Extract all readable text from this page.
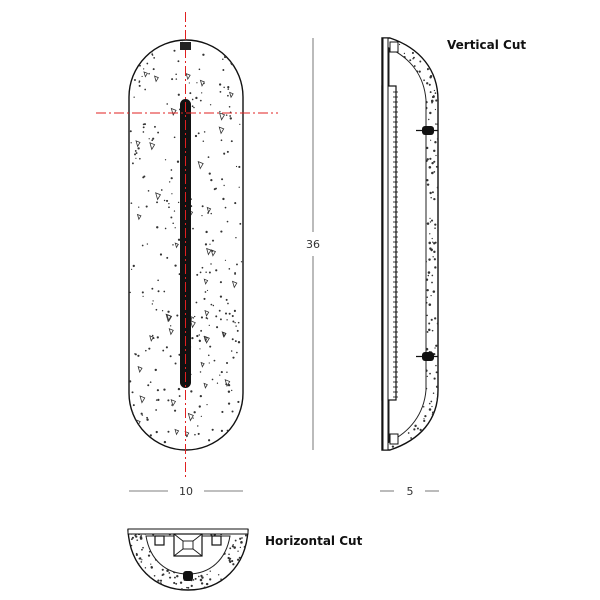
36
10
Vertical Cut
5
Horizontal Cut
